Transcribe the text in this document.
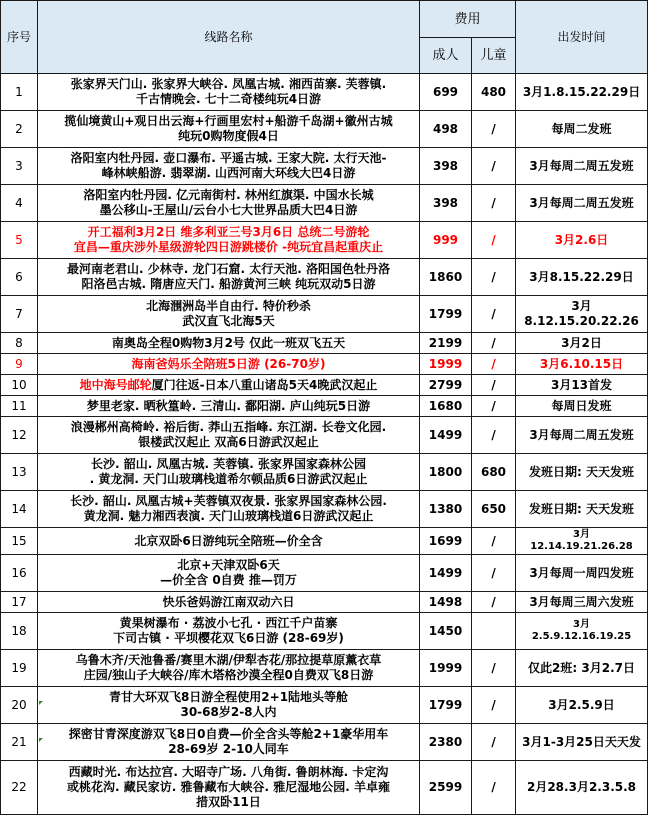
序号	线路名称	费用		出发时间
		成人	儿童	
1	张家界天门山. 张家界大峡谷. 凤凰古城. 湘西苗寨. 芙蓉镇.
千古情晚会. 七十二奇楼纯玩4日游	699	480	3月1.8.15.22.29日
2	揽仙境黄山+观日出云海+行画里宏村+船游千岛湖+徽州古城
纯玩0购物度假4日	498	/	每周二发班
3	洛阳室内牡丹园. 壶口瀑布. 平遥古城. 王家大院. 太行天池-
峰林峡船游. 翡翠湖. 山西河南大环线大巴4日游	398	/	3月每周二周五发班
4	洛阳室内牡丹园. 亿元南街村. 林州红旗渠. 中国水长城
墨公移山-王屋山/云台小七大世界品质大巴4日游	398	/	3月每周二周五发班
5	开工福利3月2日 维多利亚三号3月6日 总统二号游轮
宜昌—重庆涉外星级游轮四日游跳楼价 -纯玩宜昌起重庆止	999	/	3月2.6日
6	最河南老君山. 少林寺. 龙门石窟. 太行天池. 洛阳国色牡丹洛
阳洛邑古城. 隋唐应天门. 船游黄河三峡 纯玩双动5日游	1860	/	3月8.15.22.29日
7	北海涠洲岛半自由行. 特价秒杀
武汉直飞北海5天	1799	/	3月
8.12.15.20.22.26
8	南奥岛全程0购物3月2号 仅此一班双飞五天	2199	/	3月2日
9	海南爸妈乐全陪班5日游 (26-70岁)	1999	/	3月6.10.15日
10	地中海号邮轮厦门往返-日本八重山诸岛5天4晚武汉起止	2799	/	3月13首发
11	梦里老家. 晒秋篁岭. 三清山. 鄱阳湖. 庐山纯玩5日游	1680	/	每周日发班
12	浪漫郴州高椅岭. 裕后街. 莽山五指峰. 东江湖. 长卷文化园.
银楼武汉起止 双高6日游武汉起止	1499	/	3月每周二周五发班
13	长沙. 韶山. 凤凰古城. 芙蓉镇. 张家界国家森林公园
. 黄龙洞. 天门山玻璃栈道希尔顿品质6日游武汉起止	1800	680	发班日期: 天天发班
14	长沙. 韶山. 凤凰古城+芙蓉镇双夜景. 张家界国家森林公园.
黄龙洞. 魅力湘西表演. 天门山玻璃栈道6日游武汉起止	1380	650	发班日期: 天天发班
15	北京双卧6日游纯玩全陪班—价全含	1699	/	3月
12.14.19.21.26.28
16	北京+天津双卧6天
—价全含 0自费 推—罚万	1499	/	3月每周一周四发班
17	快乐爸妈游江南双动六日	1498	/	3月每周三周六发班
18	黄果树瀑布 · 荔波小七孔 · 西江千户苗寨
下司古镇 · 平坝樱花双飞6日游 (28-69岁)	1450		3月
2.5.9.12.16.19.25
19	乌鲁木齐/天池鲁番/赛里木湖/伊犁杏花/那拉提草原薰衣草
庄园/独山子大峡谷/库木塔格沙漠全程0自费双飞8日游	1999	/	仅此2班: 3月2.7日
20	青甘大环双飞8日游全程使用2+1陆地头等舱
30-68岁2-8人内	1799	/	3月2.5.9日
21	探密甘青深度游双飞8日0自费—价全含头等舱2+1豪华用车
28-69岁 2-10人同车	2380	/	3月1-3月25日天天发
22	西藏时光. 布达拉宫. 大昭寺广场. 八角街. 鲁朗林海. 卡定沟
或桃花沟. 藏民家访. 雅鲁藏布大峡谷. 雅尼湿地公园. 羊卓雍
措双卧11日	2599	/	2月28.3月2.3.5.8
